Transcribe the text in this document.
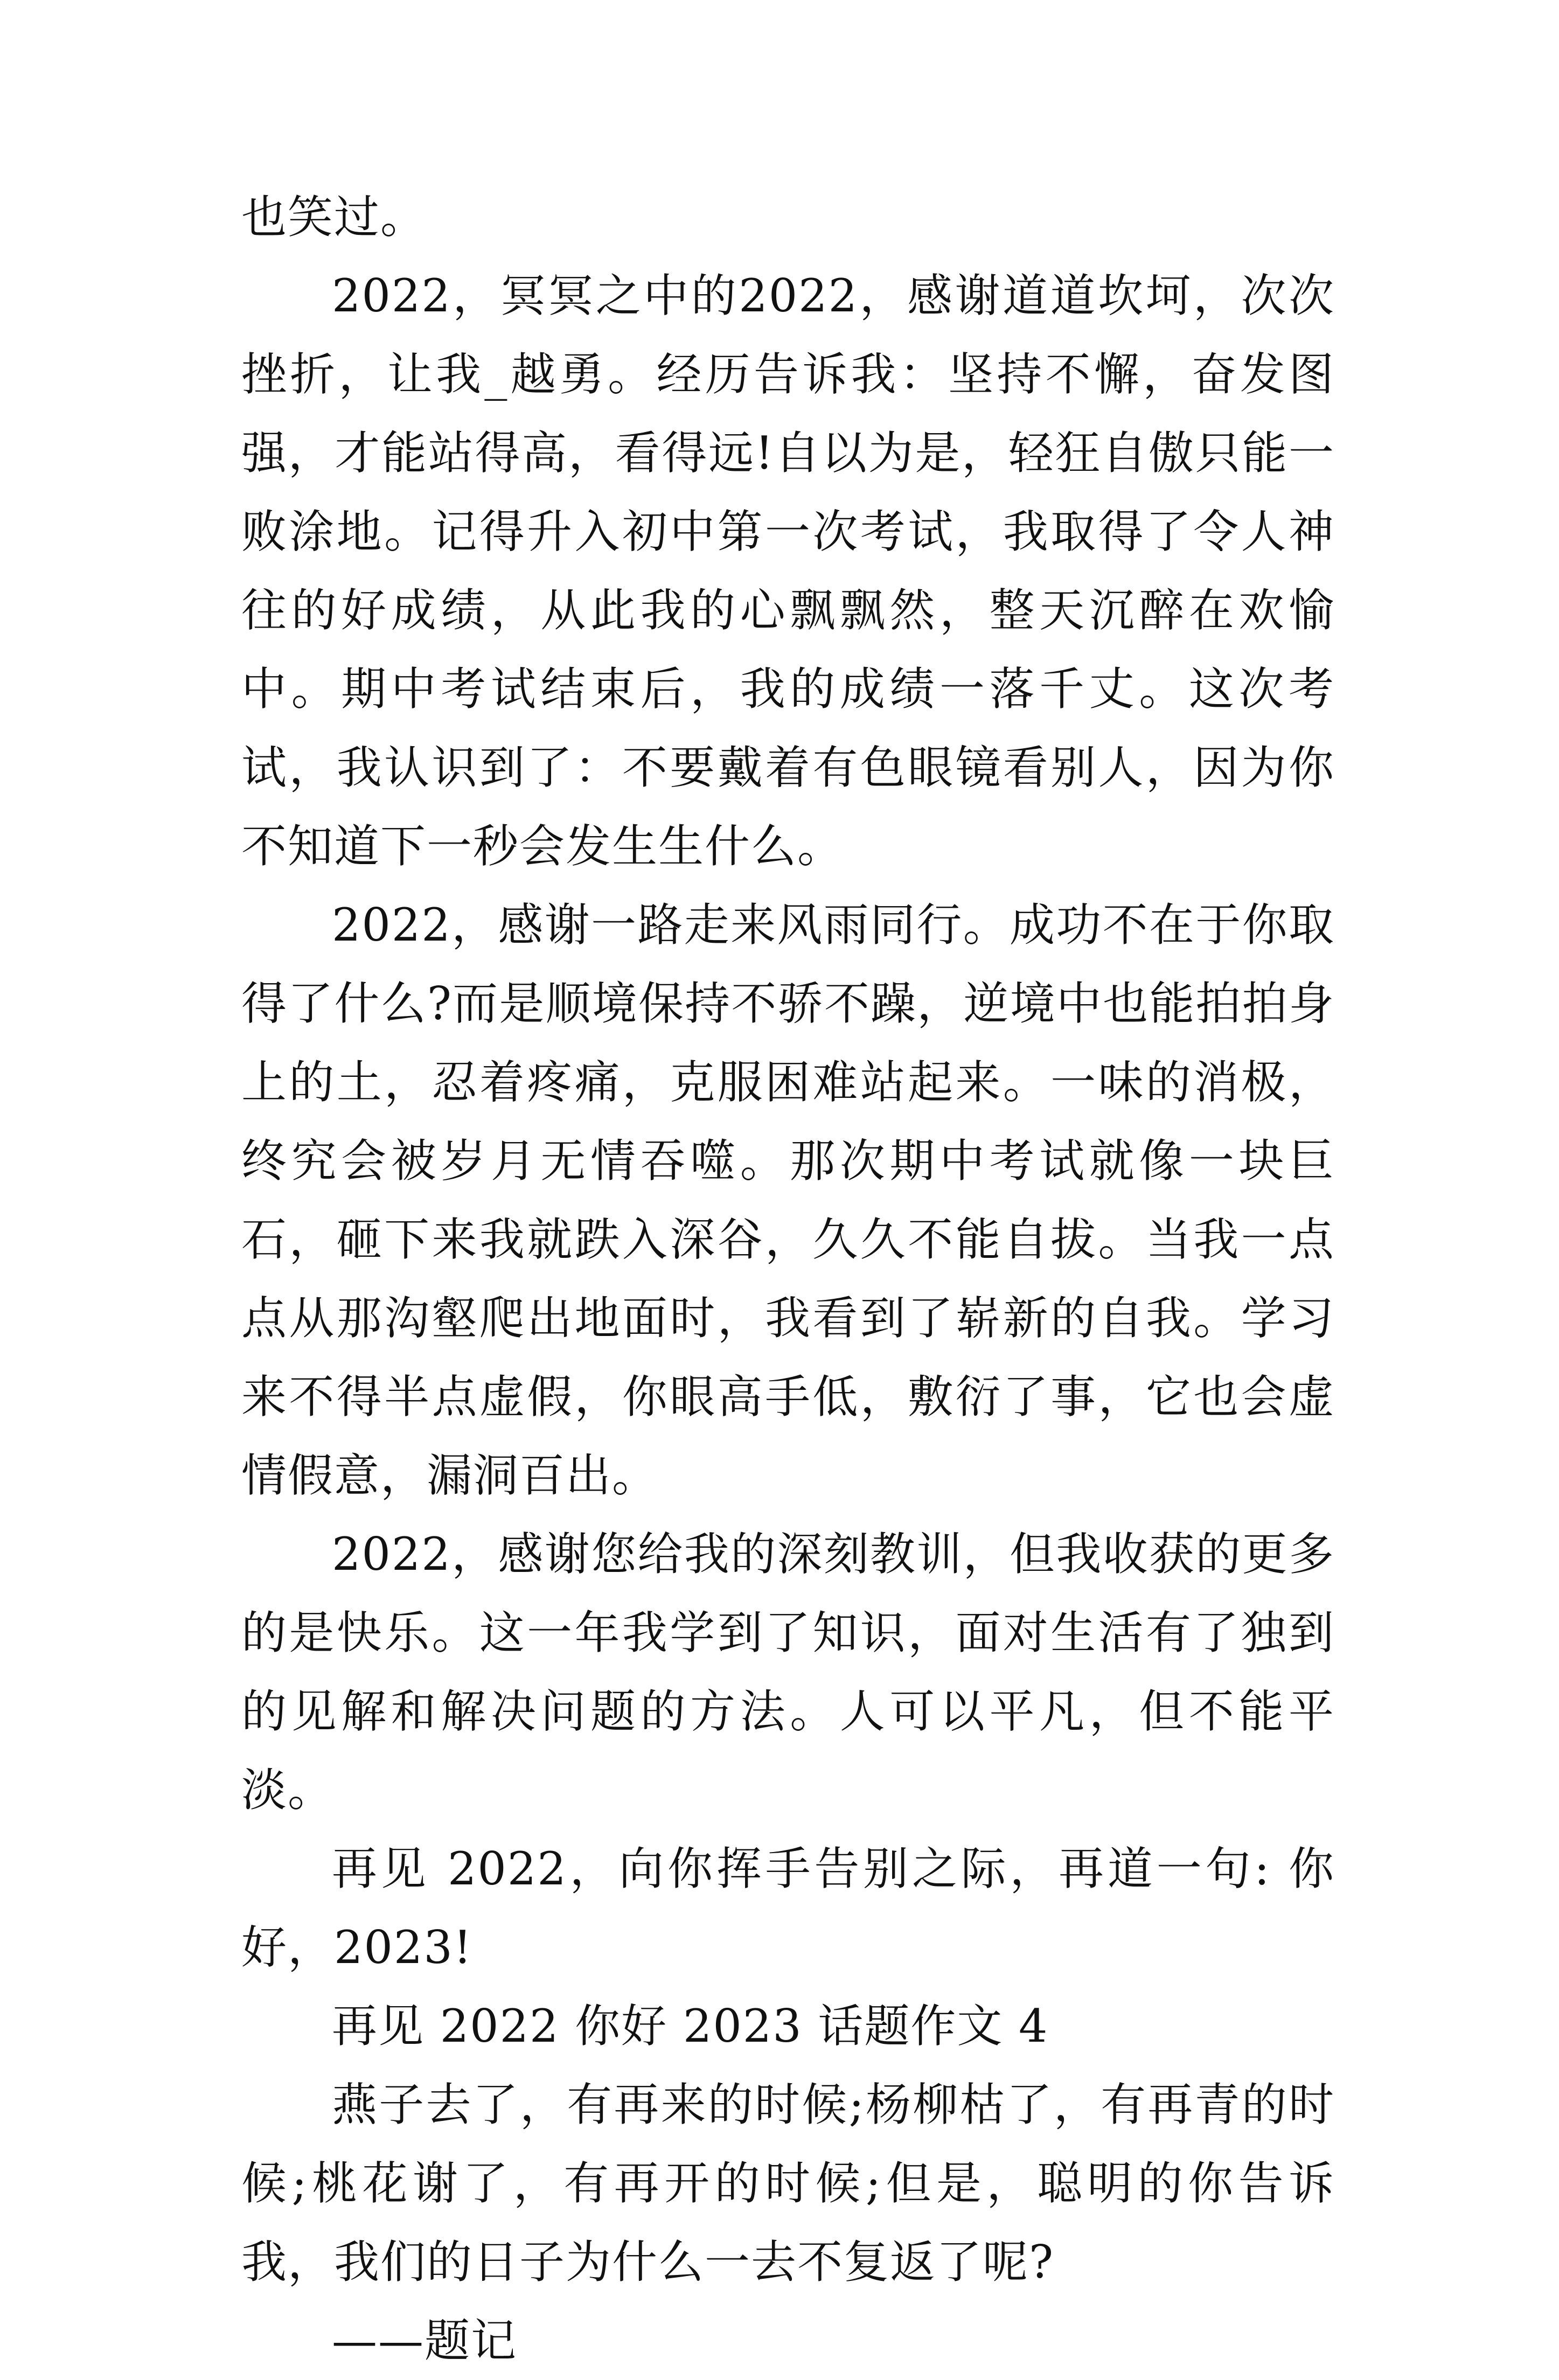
也笑过。

2022，冥冥之中的2022，感谢道道坎坷，次次挫折，让我_越勇。经历告诉我：坚持不懈，奋发图强，才能站得高，看得远!自以为是，轻狂自傲只能一败涂地。记得升入初中第一次考试，我取得了令人神往的好成绩，从此我的心飘飘然，整天沉醉在欢愉中。期中考试结束后，我的成绩一落千丈。这次考试，我认识到了：不要戴着有色眼镜看别人，因为你不知道下一秒会发生生什么。

2022，感谢一路走来风雨同行。成功不在于你取得了什么?而是顺境保持不骄不躁，逆境中也能拍拍身上的土，忍着疼痛，克服困难站起来。一味的消极，终究会被岁月无情吞噬。那次期中考试就像一块巨石，砸下来我就跌入深谷，久久不能自拔。当我一点点从那沟壑爬出地面时，我看到了崭新的自我。学习来不得半点虚假，你眼高手低，敷衍了事，它也会虚情假意，漏洞百出。

2022，感谢您给我的深刻教训，但我收获的更多的是快乐。这一年我学到了知识，面对生活有了独到的见解和解决问题的方法。人可以平凡，但不能平淡。

再见 2022，向你挥手告别之际，再道一句: 你好，2023!

再见 2022 你好 2023 话题作文 4

燕子去了，有再来的时候;杨柳枯了，有再青的时候;桃花谢了，有再开的时候;但是，聪明的你告诉我，我们的日子为什么一去不复返了呢?

——题记
